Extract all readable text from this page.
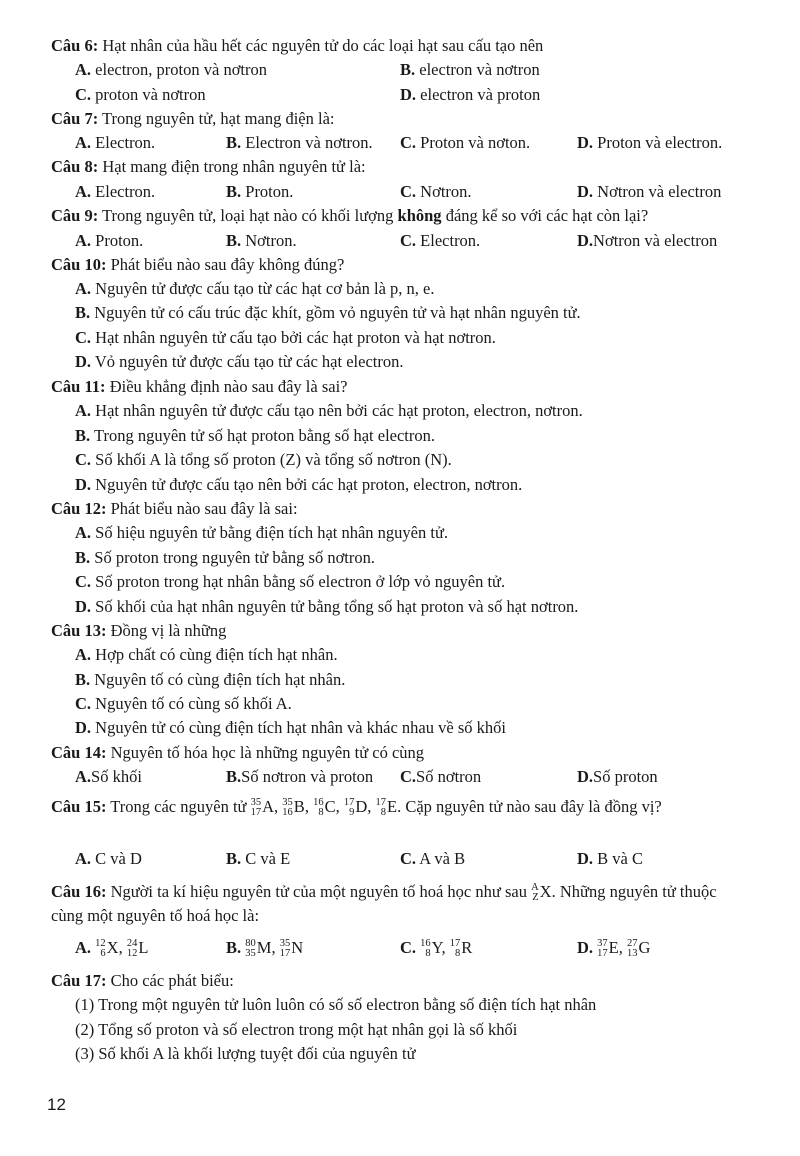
Câu 6: Hạt nhân của hầu hết các nguyên tử do các loại hạt sau cấu tạo nên
A. electron, proton và nơtron	B. electron và nơtron
C. proton và nơtron	D. electron và proton
Câu 7: Trong nguyên tử, hạt mang điện là:
A. Electron.	B. Electron và nơtron. C. Proton và nơton.	D. Proton và electron.
Câu 8: Hạt mang điện trong nhân nguyên tử là:
A. Electron.	B. Proton.	C. Nơtron.	D. Nơtron và electron
Câu 9: Trong nguyên tử, loại hạt nào có khối lượng không đáng kể so với các hạt còn lại?
A. Proton.	B. Nơtron.	C. Electron.	D.Nơtron và electron
Câu 10: Phát biểu nào sau đây không đúng?
A. Nguyên tử được cấu tạo từ các hạt cơ bản là p, n, e.
B. Nguyên tử có cấu trúc đặc khít, gồm vỏ nguyên tử và hạt nhân nguyên tử.
C. Hạt nhân nguyên tử cấu tạo bởi các hạt proton và hạt nơtron.
D. Vỏ nguyên tử được cấu tạo từ các hạt electron.
Câu 11: Điều khẳng định nào sau đây là sai?
A. Hạt nhân nguyên tử được cấu tạo nên bởi các hạt proton, electron, nơtron.
B. Trong nguyên tử số hạt proton bằng số hạt electron.
C. Số khối A là tổng số proton (Z) và tổng số nơtron (N).
D. Nguyên tử được cấu tạo nên bởi các hạt proton, electron, nơtron.
Câu 12: Phát biểu nào sau đây là sai:
A. Số hiệu nguyên tử bằng điện tích hạt nhân nguyên tử.
B. Số proton trong nguyên tử bằng số nơtron.
C. Số proton trong hạt nhân bằng số electron ở lớp vỏ nguyên tử.
D. Số khối của hạt nhân nguyên tử bằng tổng số hạt proton và số hạt nơtron.
Câu 13: Đồng vị là những
A. Hợp chất có cùng điện tích hạt nhân.
B. Nguyên tố có cùng điện tích hạt nhân.
C. Nguyên tố có cùng số khối A.
D. Nguyên tử có cùng điện tích hạt nhân và khác nhau về số khối
Câu 14: Nguyên tố hóa học là những nguyên tử có cùng
A.Số khối	B.Số nơtron và proton C.Số nơtron	D.Số proton
Câu 15: Trong các nguyên tử 35
17 A, 35
16 B, 16
8 C, 17
9 D, 17
8 E. Cặp nguyên tử nào sau đây là đồng vị?
A. C và D	B. C và E	C. A và B	D. B và C
Câu 16: Người ta kí hiệu nguyên tử của một nguyên tố hoá học như sau A
Z X. Những nguyên tử thuộc cùng một nguyên tố hoá học là:
A. 12
6 X, 24
12 L	B. 80
35 M, 35
17 N	C. 16
8 Y, 17
8 R	D. 37
17 E, 27
13 G
Câu 17: Cho các phát biểu:
(1) Trong một nguyên tử luôn luôn có số số electron bằng số điện tích hạt nhân
(2) Tổng số proton và số electron trong một hạt nhân gọi là số khối
(3) Số khối A là khối lượng tuyệt đối của nguyên tử
12
